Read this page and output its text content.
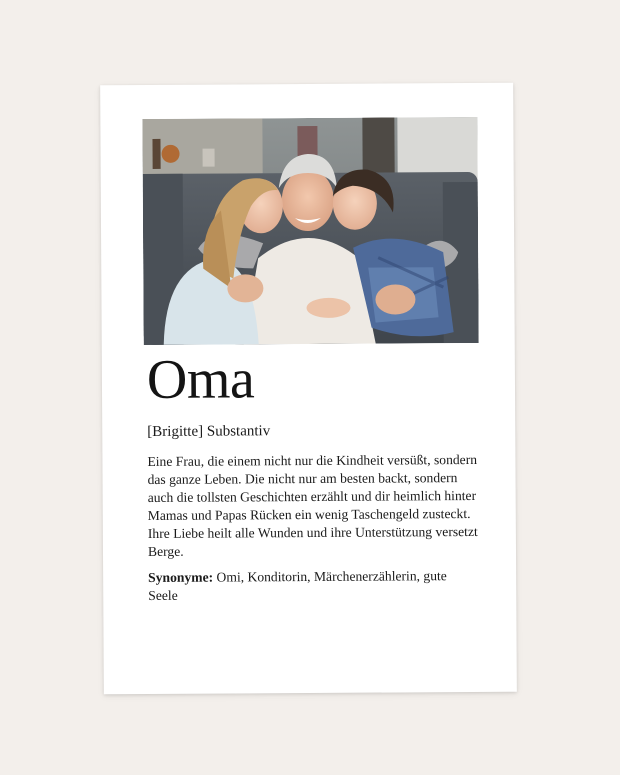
Oma
[Brigitte] Substantiv

Eine Frau, die einem nicht nur die Kindheit versüßt, sondern das ganze Leben. Die nicht nur am besten backt, sondern auch die tollsten Geschichten erzählt und dir heimlich hinter Mamas und Papas Rücken ein wenig Taschengeld zusteckt. Ihre Liebe heilt alle Wunden und ihre Unterstützung versetzt Berge.

Synonyme: Omi, Konditorin, Märchenerzählerin, gute Seele
